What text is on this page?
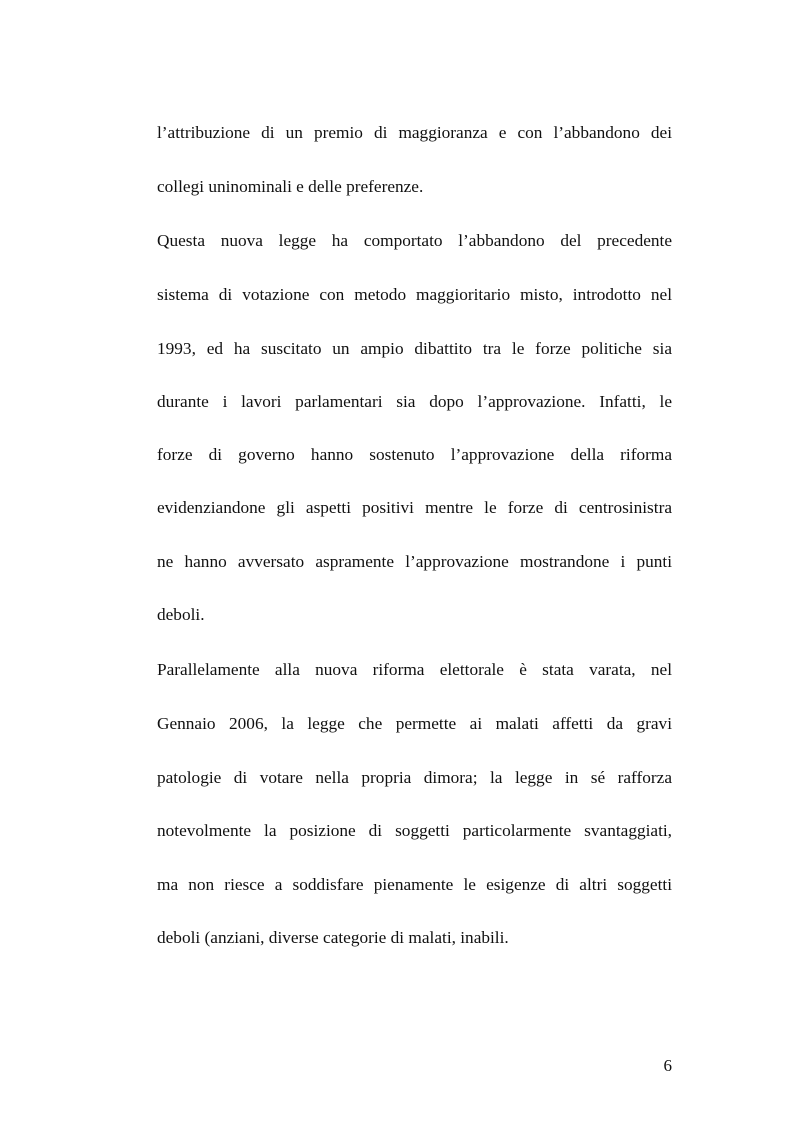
l’attribuzione di un premio di maggioranza e con l’abbandono dei
collegi uninominali e delle preferenze.
Questa nuova legge ha comportato l’abbandono del precedente
sistema di votazione con metodo maggioritario misto, introdotto nel
1993, ed ha suscitato un ampio dibattito tra le forze politiche sia
durante i lavori parlamentari sia dopo l’approvazione. Infatti, le
forze di governo hanno sostenuto l’approvazione della riforma
evidenziandone gli aspetti positivi mentre le forze di centrosinistra
ne hanno avversato aspramente l’approvazione mostrandone i punti
deboli.
Parallelamente alla nuova riforma elettorale è stata varata, nel
Gennaio 2006, la legge che permette ai malati affetti da gravi
patologie di votare nella propria dimora; la legge in sé rafforza
notevolmente la posizione di soggetti particolarmente svantaggiati,
ma non riesce a soddisfare pienamente le esigenze di altri soggetti
deboli (anziani, diverse categorie di malati, inabili.
6
